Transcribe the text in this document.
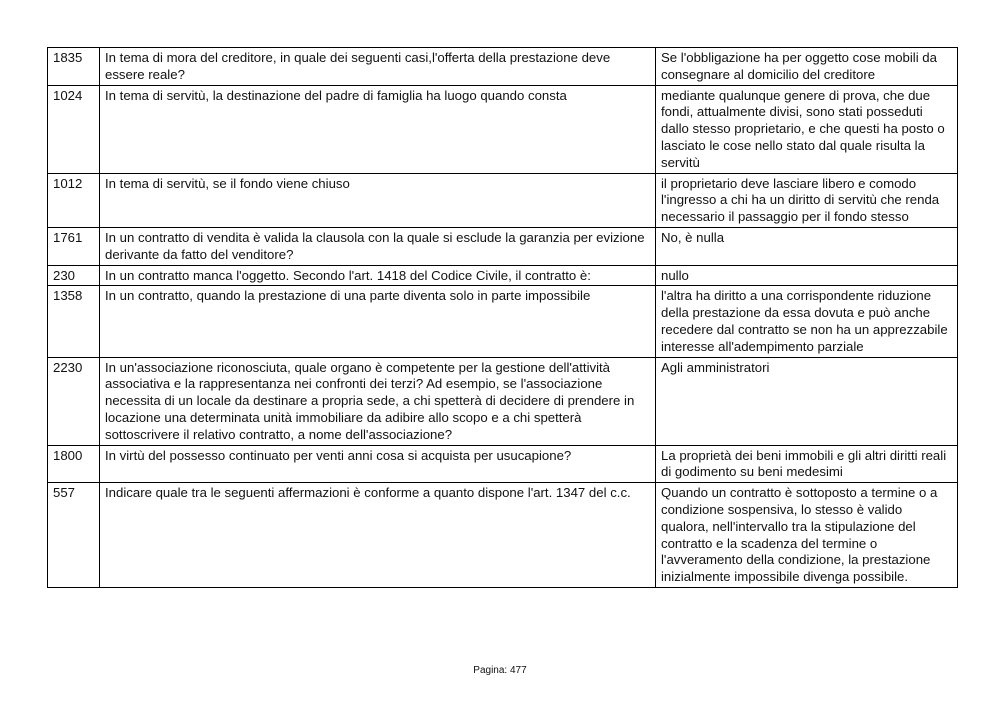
1835	In tema di mora del creditore, in quale dei seguenti casi,l'offerta della prestazione deve essere reale?	Se l'obbligazione ha per oggetto cose mobili da consegnare al domicilio del creditore
1024	In tema di servitù, la destinazione del padre di famiglia ha luogo quando consta	mediante qualunque genere di prova, che due fondi, attualmente divisi, sono stati posseduti dallo stesso proprietario, e che questi ha posto o lasciato le cose nello stato dal quale risulta la servitù
1012	In tema di servitù, se il fondo viene chiuso	il proprietario deve lasciare libero e comodo l'ingresso a chi ha un diritto di servitù che renda necessario il passaggio per il fondo stesso
1761	In un contratto di vendita è valida la clausola con la quale si esclude la garanzia per evizione derivante da fatto del venditore?	No, è nulla
230	In un contratto manca l'oggetto. Secondo l'art. 1418 del Codice Civile, il contratto è:	nullo
1358	In un contratto, quando la prestazione di una parte diventa solo in parte impossibile	l'altra ha diritto a una corrispondente riduzione della prestazione da essa dovuta e può anche recedere dal contratto se non ha un apprezzabile interesse all'adempimento parziale
2230	In un'associazione riconosciuta, quale organo è competente per la gestione dell'attività associativa e la rappresentanza nei confronti dei terzi? Ad esempio, se l'associazione necessita di un locale da destinare a propria sede, a chi spetterà di decidere di prendere in locazione una determinata unità immobiliare da adibire allo scopo e a chi spetterà sottoscrivere il relativo contratto, a nome dell'associazione?	Agli amministratori
1800	In virtù del possesso continuato per venti anni cosa si acquista per usucapione?	La proprietà dei beni immobili e gli altri diritti reali di godimento su beni medesimi
557	Indicare quale tra le seguenti affermazioni è conforme a quanto dispone l'art. 1347 del c.c.	Quando un contratto è sottoposto a termine o a condizione sospensiva, lo stesso è valido qualora, nell'intervallo tra la stipulazione del contratto e la scadenza del termine o l'avveramento della condizione, la prestazione inizialmente impossibile divenga possibile.
Pagina: 477
